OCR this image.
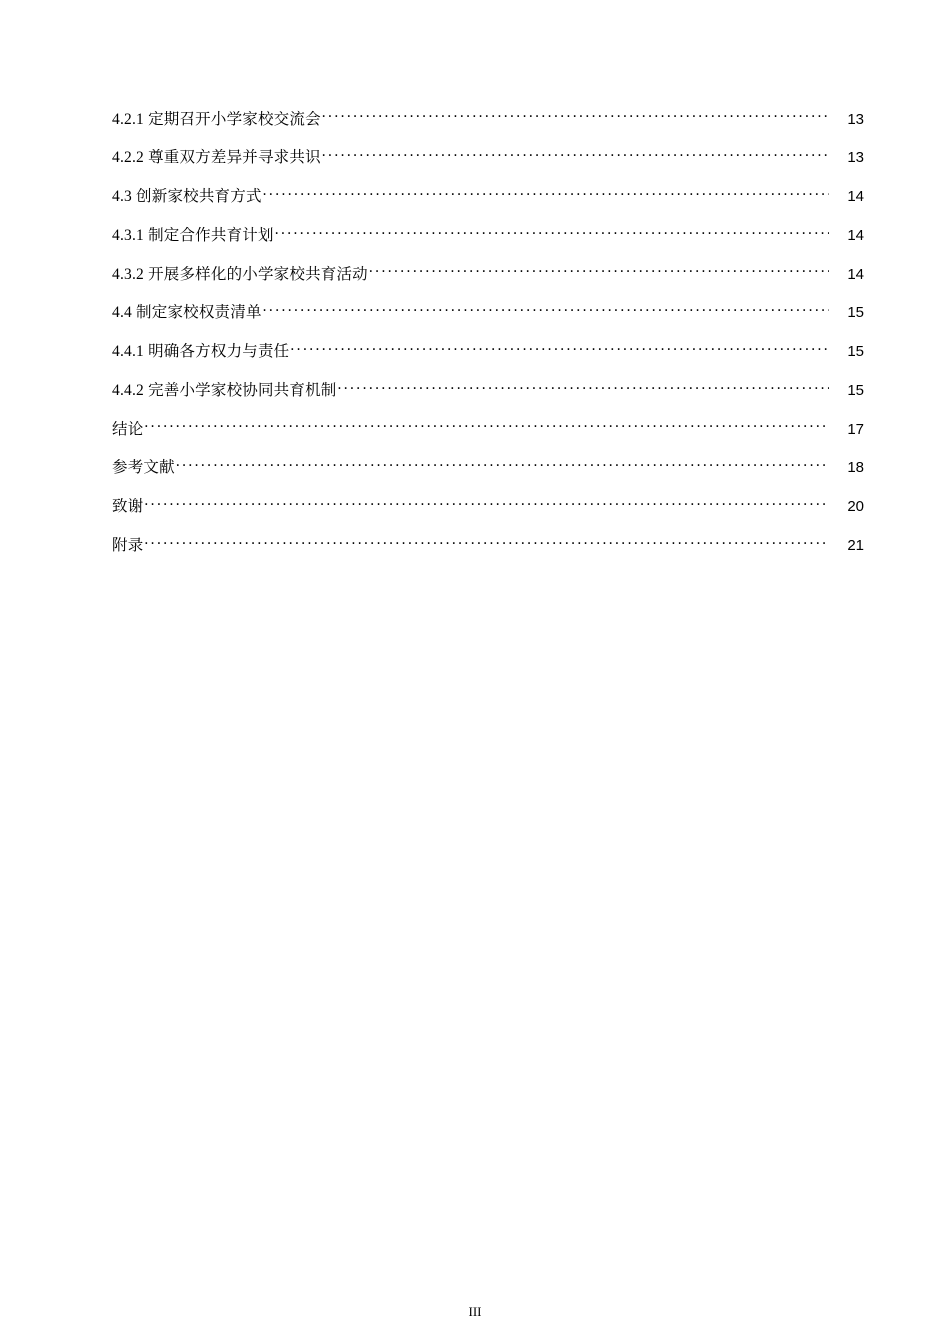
4.2.1 定期召开小学家校交流会 .....	13
4.2.2 尊重双方差异并寻求共识 .....	13
4.3 创新家校共育方式 .....	14
4.3.1 制定合作共育计划 .....	14
4.3.2 开展多样化的小学家校共育活动 .....	14
4.4 制定家校权责清单 .....	15
4.4.1 明确各方权力与责任 .....	15
4.4.2 完善小学家校协同共育机制 .....	15
结论 .....	17
参考文献 .....	18
致谢 .....	20
附录 .....	21
III
